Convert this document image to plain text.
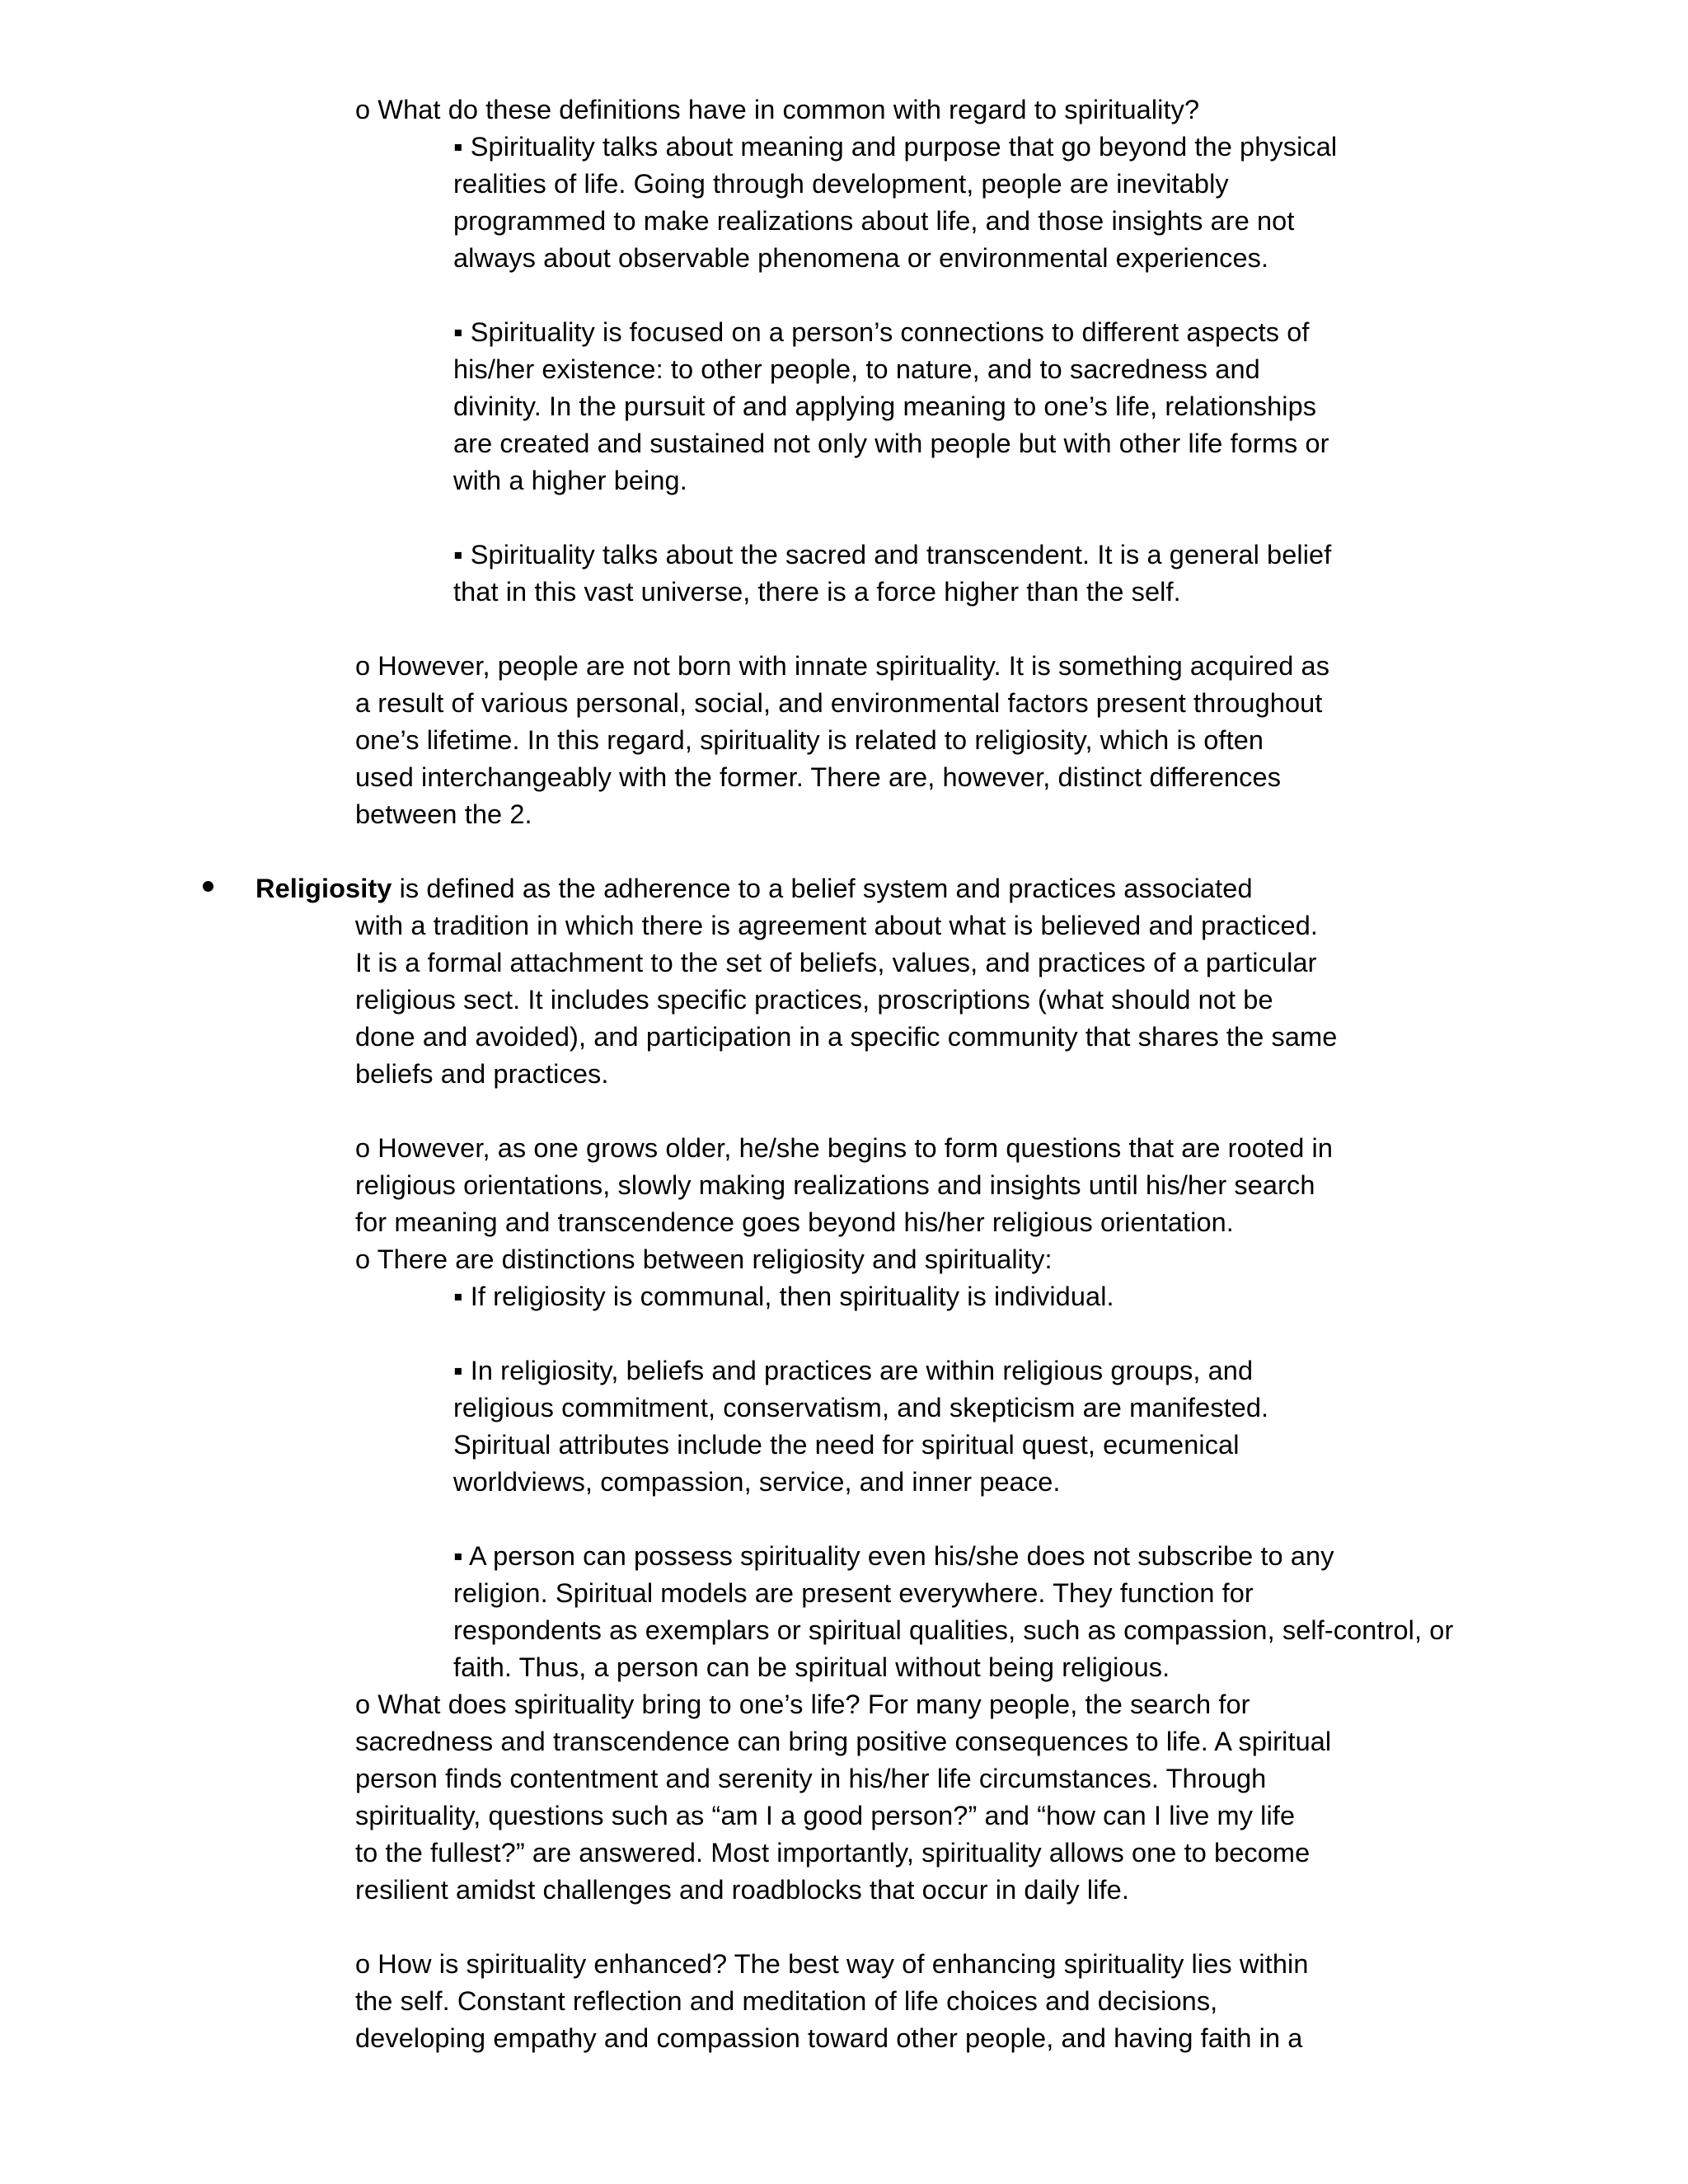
o What do these definitions have in common with regard to spirituality?
▪ Spirituality talks about meaning and purpose that go beyond the physical
realities of life. Going through development, people are inevitably
programmed to make realizations about life, and those insights are not
always about observable phenomena or environmental experiences.
▪ Spirituality is focused on a person’s connections to different aspects of
his/her existence: to other people, to nature, and to sacredness and
divinity. In the pursuit of and applying meaning to one’s life, relationships
are created and sustained not only with people but with other life forms or
with a higher being.
▪ Spirituality talks about the sacred and transcendent. It is a general belief
that in this vast universe, there is a force higher than the self.
o However, people are not born with innate spirituality. It is something acquired as
a result of various personal, social, and environmental factors present throughout
one’s lifetime. In this regard, spirituality is related to religiosity, which is often
used interchangeably with the former. There are, however, distinct differences
between the 2.
Religiosity is defined as the adherence to a belief system and practices associated
with a tradition in which there is agreement about what is believed and practiced.
It is a formal attachment to the set of beliefs, values, and practices of a particular
religious sect. It includes specific practices, proscriptions (what should not be
done and avoided), and participation in a specific community that shares the same
beliefs and practices.
o However, as one grows older, he/she begins to form questions that are rooted in
religious orientations, slowly making realizations and insights until his/her search
for meaning and transcendence goes beyond his/her religious orientation.
o There are distinctions between religiosity and spirituality:
▪ If religiosity is communal, then spirituality is individual.
▪ In religiosity, beliefs and practices are within religious groups, and
religious commitment, conservatism, and skepticism are manifested.
Spiritual attributes include the need for spiritual quest, ecumenical
worldviews, compassion, service, and inner peace.
▪ A person can possess spirituality even his/she does not subscribe to any
religion. Spiritual models are present everywhere. They function for
respondents as exemplars or spiritual qualities, such as compassion, self-control, or
faith. Thus, a person can be spiritual without being religious.
o What does spirituality bring to one’s life? For many people, the search for
sacredness and transcendence can bring positive consequences to life. A spiritual
person finds contentment and serenity in his/her life circumstances. Through
spirituality, questions such as “am I a good person?” and “how can I live my life
to the fullest?” are answered. Most importantly, spirituality allows one to become
resilient amidst challenges and roadblocks that occur in daily life.
o How is spirituality enhanced? The best way of enhancing spirituality lies within
the self. Constant reflection and meditation of life choices and decisions,
developing empathy and compassion toward other people, and having faith in a
